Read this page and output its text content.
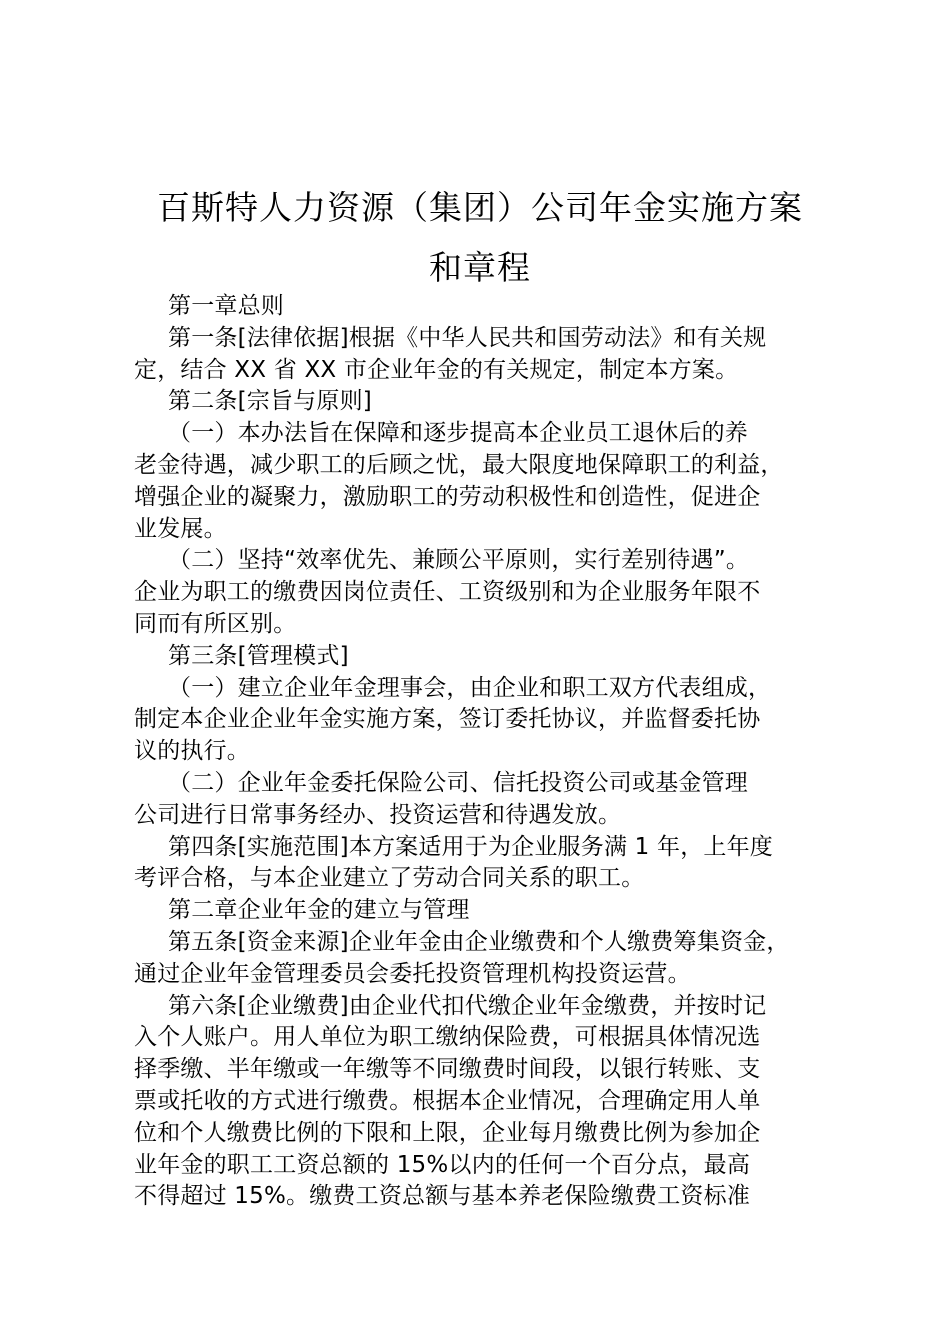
百斯特人力资源（集团）公司年金实施方案
和章程
第一章总则
第一条[法律依据]根据《中华人民共和国劳动法》和有关规
定，结合 XX 省 XX 市企业年金的有关规定，制定本方案。
第二条[宗旨与原则]
（一）本办法旨在保障和逐步提高本企业员工退休后的养
老金待遇，减少职工的后顾之忧，最大限度地保障职工的利益，
增强企业的凝聚力，激励职工的劳动积极性和创造性，促进企
业发展。
（二）坚持“效率优先、兼顾公平原则，实行差别待遇”。
企业为职工的缴费因岗位责任、工资级别和为企业服务年限不
同而有所区别。
第三条[管理模式]
（一）建立企业年金理事会，由企业和职工双方代表组成，
制定本企业企业年金实施方案，签订委托协议，并监督委托协
议的执行。
（二）企业年金委托保险公司、信托投资公司或基金管理
公司进行日常事务经办、投资运营和待遇发放。
第四条[实施范围]本方案适用于为企业服务满 1 年，上年度
考评合格，与本企业建立了劳动合同关系的职工。
第二章企业年金的建立与管理
第五条[资金来源]企业年金由企业缴费和个人缴费筹集资金，
通过企业年金管理委员会委托投资管理机构投资运营。
第六条[企业缴费]由企业代扣代缴企业年金缴费，并按时记
入个人账户。用人单位为职工缴纳保险费，可根据具体情况选
择季缴、半年缴或一年缴等不同缴费时间段，以银行转账、支
票或托收的方式进行缴费。根据本企业情况，合理确定用人单
位和个人缴费比例的下限和上限，企业每月缴费比例为参加企
业年金的职工工资总额的 15%以内的任何一个百分点，最高
不得超过 15%。缴费工资总额与基本养老保险缴费工资标准
